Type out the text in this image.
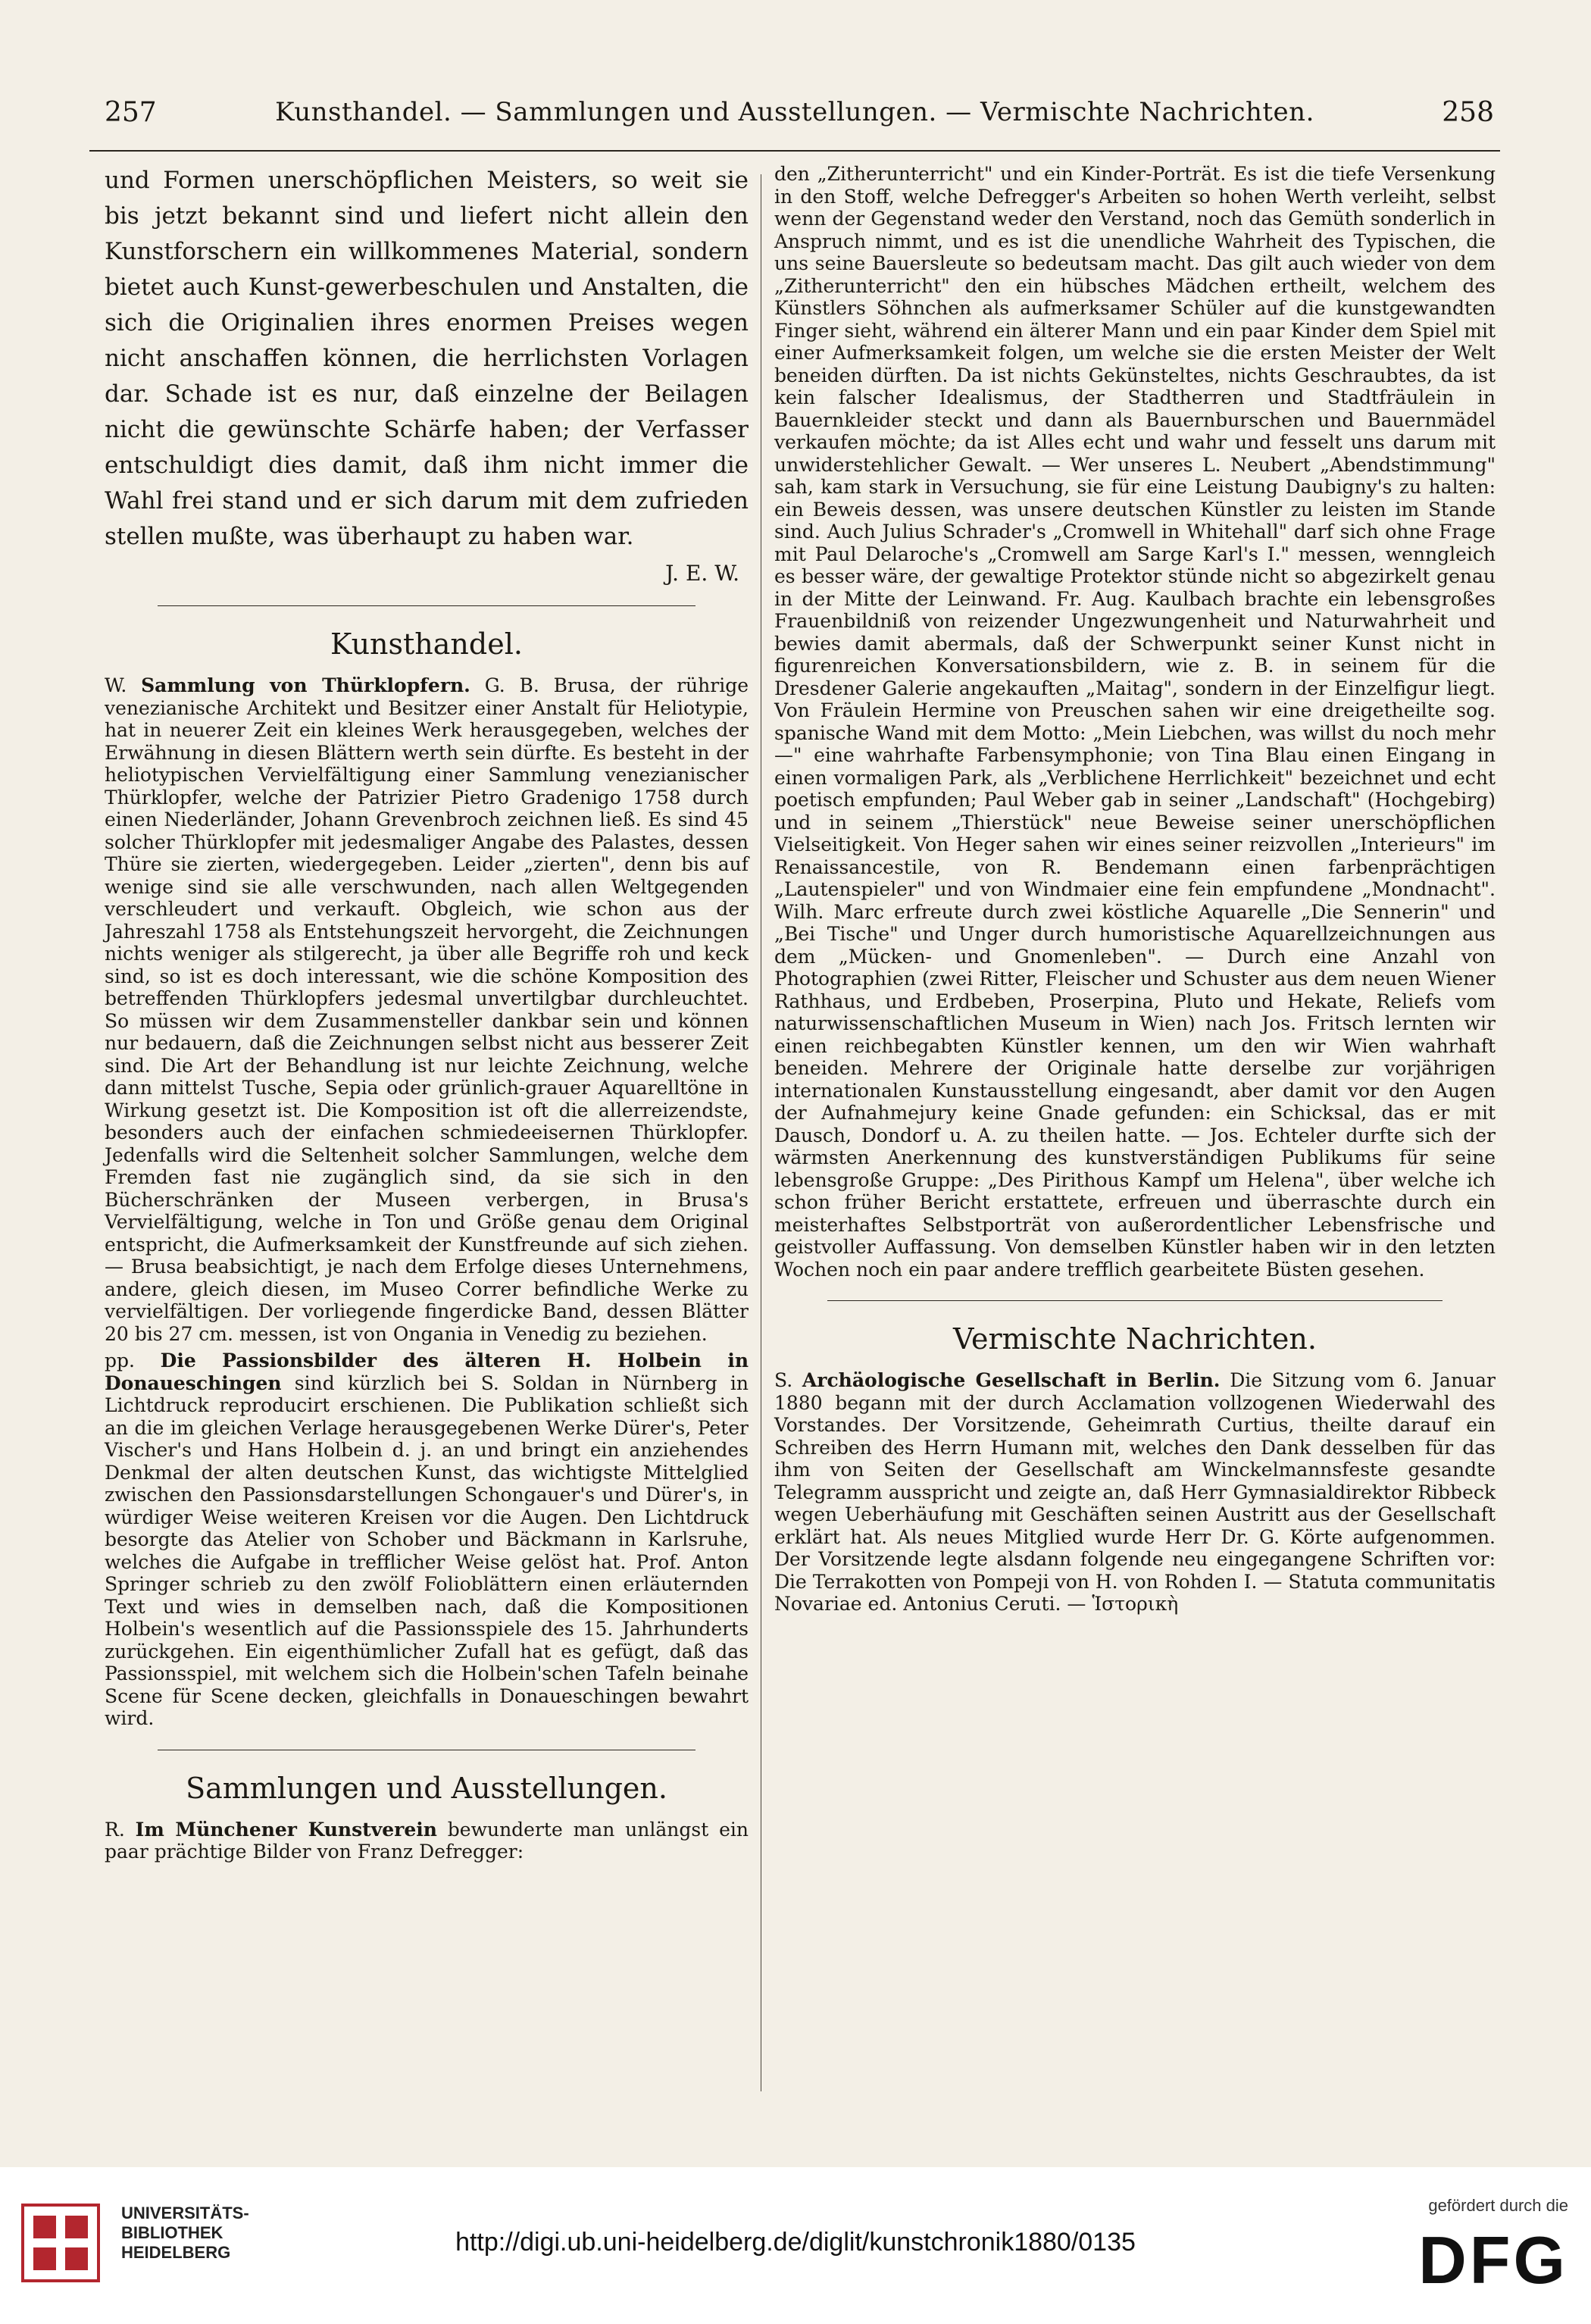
257	Kunsthandel. — Sammlungen und Ausstellungen. — Vermischte Nachrichten.	258

und Formen unerschöpflichen Meisters, so weit sie bis jetzt bekannt sind und liefert nicht allein den Kunstforschern ein willkommenes Material, sondern bietet auch Kunst-gewerbeschulen und Anstalten, die sich die Originalien ihres enormen Preises wegen nicht anschaffen können, die herrlichsten Vorlagen dar. Schade ist es nur, daß einzelne der Beilagen nicht die gewünschte Schärfe haben; der Verfasser entschuldigt dies damit, daß ihm nicht immer die Wahl frei stand und er sich darum mit dem zufrieden stellen mußte, was überhaupt zu haben war.

J. E. W.
Kunsthandel.

W. Sammlung von Thürklopfern. G. B. Brusa, der rührige venezianische Architekt und Besitzer einer Anstalt für Heliotypie, hat in neuerer Zeit ein kleines Werk herausgegeben, welches der Erwähnung in diesen Blättern werth sein dürfte. Es besteht in der heliotypischen Vervielfältigung einer Sammlung venezianischer Thürklopfer, welche der Patrizier Pietro Gradenigo 1758 durch einen Niederländer, Johann Grevenbroch zeichnen ließ. Es sind 45 solcher Thürklopfer mit jedesmaliger Angabe des Palastes, dessen Thüre sie zierten, wiedergegeben. Leider „zierten", denn bis auf wenige sind sie alle verschwunden, nach allen Weltgegenden verschleudert und verkauft. Obgleich, wie schon aus der Jahreszahl 1758 als Entstehungszeit hervorgeht, die Zeichnungen nichts weniger als stilgerecht, ja über alle Begriffe roh und keck sind, so ist es doch interessant, wie die schöne Komposition des betreffenden Thürklopfers jedesmal unvertilgbar durchleuchtet. So müssen wir dem Zusammensteller dankbar sein und können nur bedauern, daß die Zeichnungen selbst nicht aus besserer Zeit sind. Die Art der Behandlung ist nur leichte Zeichnung, welche dann mittelst Tusche, Sepia oder grünlich-grauer Aquarelltöne in Wirkung gesetzt ist. Die Komposition ist oft die allerreizendste, besonders auch der einfachen schmiedeeisernen Thürklopfer. Jedenfalls wird die Seltenheit solcher Sammlungen, welche dem Fremden fast nie zugänglich sind, da sie sich in den Bücherschränken der Museen verbergen, in Brusa's Vervielfältigung, welche in Ton und Größe genau dem Original entspricht, die Aufmerksamkeit der Kunstfreunde auf sich ziehen. — Brusa beabsichtigt, je nach dem Erfolge dieses Unternehmens, andere, gleich diesen, im Museo Correr befindliche Werke zu vervielfältigen. Der vorliegende fingerdicke Band, dessen Blätter 20 bis 27 cm. messen, ist von Ongania in Venedig zu beziehen.

pp. Die Passionsbilder des älteren H. Holbein in Donaueschingen sind kürzlich bei S. Soldan in Nürnberg in Lichtdruck reproducirt erschienen. Die Publikation schließt sich an die im gleichen Verlage herausgegebenen Werke Dürer's, Peter Vischer's und Hans Holbein d. j. an und bringt ein anziehendes Denkmal der alten deutschen Kunst, das wichtigste Mittelglied zwischen den Passionsdarstellungen Schongauer's und Dürer's, in würdiger Weise weiteren Kreisen vor die Augen. Den Lichtdruck besorgte das Atelier von Schober und Bäckmann in Karlsruhe, welches die Aufgabe in trefflicher Weise gelöst hat. Prof. Anton Springer schrieb zu den zwölf Folioblättern einen erläuternden Text und wies in demselben nach, daß die Kompositionen Holbein's wesentlich auf die Passionsspiele des 15. Jahrhunderts zurückgehen. Ein eigenthümlicher Zufall hat es gefügt, daß das Passionsspiel, mit welchem sich die Holbein'schen Tafeln beinahe Scene für Scene decken, gleichfalls in Donaueschingen bewahrt wird.

Sammlungen und Ausstellungen.

R. Im Münchener Kunstverein bewunderte man unlängst ein paar prächtige Bilder von Franz Defregger:

den „Zitherunterricht" und ein Kinder-Porträt. Es ist die tiefe Versenkung in den Stoff, welche Defregger's Arbeiten so hohen Werth verleiht, selbst wenn der Gegenstand weder den Verstand, noch das Gemüth sonderlich in Anspruch nimmt, und es ist die unendliche Wahrheit des Typischen, die uns seine Bauersleute so bedeutsam macht. Das gilt auch wieder von dem „Zitherunterricht" den ein hübsches Mädchen ertheilt, welchem des Künstlers Söhnchen als aufmerksamer Schüler auf die kunstgewandten Finger sieht, während ein älterer Mann und ein paar Kinder dem Spiel mit einer Aufmerksamkeit folgen, um welche sie die ersten Meister der Welt beneiden dürften. Da ist nichts Gekünsteltes, nichts Geschraubtes, da ist kein falscher Idealismus, der Stadtherren und Stadtfräulein in Bauernkleider steckt und dann als Bauernburschen und Bauernmädel verkaufen möchte; da ist Alles echt und wahr und fesselt uns darum mit unwiderstehlicher Gewalt. — Wer unseres L. Neubert „Abendstimmung" sah, kam stark in Versuchung, sie für eine Leistung Daubigny's zu halten: ein Beweis dessen, was unsere deutschen Künstler zu leisten im Stande sind. Auch Julius Schrader's „Cromwell in Whitehall" darf sich ohne Frage mit Paul Delaroche's „Cromwell am Sarge Karl's I." messen, wenngleich es besser wäre, der gewaltige Protektor stünde nicht so abgezirkelt genau in der Mitte der Leinwand. Fr. Aug. Kaulbach brachte ein lebensgroßes Frauenbildniß von reizender Ungezwungenheit und Naturwahrheit und bewies damit abermals, daß der Schwerpunkt seiner Kunst nicht in figurenreichen Konversationsbildern, wie z. B. in seinem für die Dresdener Galerie angekauften „Maitag", sondern in der Einzelfigur liegt. Von Fräulein Hermine von Preuschen sahen wir eine dreigetheilte sog. spanische Wand mit dem Motto: „Mein Liebchen, was willst du noch mehr —" eine wahrhafte Farbensymphonie; von Tina Blau einen Eingang in einen vormaligen Park, als „Verblichene Herrlichkeit" bezeichnet und echt poetisch empfunden; Paul Weber gab in seiner „Landschaft" (Hochgebirg) und in seinem „Thierstück" neue Beweise seiner unerschöpflichen Vielseitigkeit. Von Heger sahen wir eines seiner reizvollen „Interieurs" im Renaissancestile, von R. Bendemann einen farbenprächtigen „Lautenspieler" und von Windmaier eine fein empfundene „Mondnacht". Wilh. Marc erfreute durch zwei köstliche Aquarelle „Die Sennerin" und „Bei Tische" und Unger durch humoristische Aquarellzeichnungen aus dem „Mücken- und Gnomenleben". — Durch eine Anzahl von Photographien (zwei Ritter, Fleischer und Schuster aus dem neuen Wiener Rathhaus, und Erdbeben, Proserpina, Pluto und Hekate, Reliefs vom naturwissenschaftlichen Museum in Wien) nach Jos. Fritsch lernten wir einen reichbegabten Künstler kennen, um den wir Wien wahrhaft beneiden. Mehrere der Originale hatte derselbe zur vorjährigen internationalen Kunstausstellung eingesandt, aber damit vor den Augen der Aufnahmejury keine Gnade gefunden: ein Schicksal, das er mit Dausch, Dondorf u. A. zu theilen hatte. — Jos. Echteler durfte sich der wärmsten Anerkennung des kunstverständigen Publikums für seine lebensgroße Gruppe: „Des Pirithous Kampf um Helena", über welche ich schon früher Bericht erstattete, erfreuen und überraschte durch ein meisterhaftes Selbstporträt von außerordentlicher Lebensfrische und geistvoller Auffassung. Von demselben Künstler haben wir in den letzten Wochen noch ein paar andere trefflich gearbeitete Büsten gesehen.

Vermischte Nachrichten.

S. Archäologische Gesellschaft in Berlin. Die Sitzung vom 6. Januar 1880 begann mit der durch Acclamation vollzogenen Wiederwahl des Vorstandes. Der Vorsitzende, Geheimrath Curtius, theilte darauf ein Schreiben des Herrn Humann mit, welches den Dank desselben für das ihm von Seiten der Gesellschaft am Winckelmannsfeste gesandte Telegramm ausspricht und zeigte an, daß Herr Gymnasialdirektor Ribbeck wegen Ueberhäufung mit Geschäften seinen Austritt aus der Gesellschaft erklärt hat. Als neues Mitglied wurde Herr Dr. G. Körte aufgenommen. Der Vorsitzende legte alsdann folgende neu eingegangene Schriften vor: Die Terrakotten von Pompeji von H. von Rohden I. — Statuta communitatis Novariae ed. Antonius Ceruti. — Ἱστορικὴ

UNIVERSITÄTS-
BIBLIOTHEK
HEIDELBERG	http://digi.ub.uni-heidelberg.de/diglit/kunstchronik1880/0135
gefördert durch die
DFG
